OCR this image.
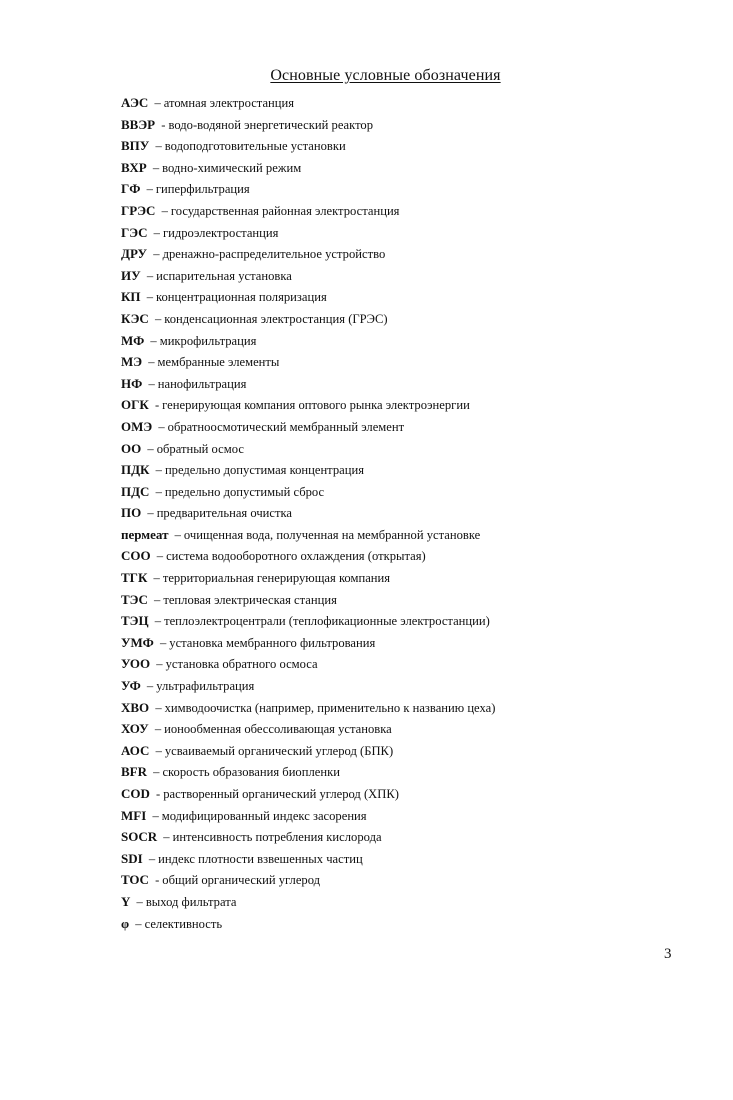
Основные условные обозначения
АЭС – атомная электростанция
ВВЭР - водо-водяной энергетический реактор
ВПУ – водоподготовительные установки
ВХР – водно-химический режим
ГФ – гиперфильтрация
ГРЭС – государственная районная электростанция
ГЭС – гидроэлектростанция
ДРУ – дренажно-распределительное устройство
ИУ – испарительная установка
КП – концентрационная поляризация
КЭС – конденсационная электростанция (ГРЭС)
МФ – микрофильтрация
МЭ – мембранные элементы
НФ – нанофильтрация
ОГК - генерирующая компания оптового рынка электроэнергии
ОМЭ – обратноосмотический мембранный элемент
ОО – обратный осмос
ПДК – предельно допустимая концентрация
ПДС – предельно допустимый сброс
ПО – предварительная очистка
пермеат – очищенная вода, полученная на мембранной установке
СОО – система водооборотного охлаждения (открытая)
ТГК – территориальная генерирующая компания
ТЭС – тепловая электрическая станция
ТЭЦ – теплоэлектроцентрали (теплофикационные электростанции)
УМФ – установка мембранного фильтрования
УОО – установка обратного осмоса
УФ – ультрафильтрация
ХВО – химводоочистка (например, применительно к названию цеха)
ХОУ – ионообменная обессоливающая установка
АОС – усваиваемый органический углерод (БПК)
BFR – скорость образования биопленки
COD - растворенный органический углерод (ХПК)
MFI – модифицированный индекс засорения
SOCR – интенсивность потребления кислорода
SDI – индекс плотности взвешенных частиц
TOC - общий органический углерод
Y – выход фильтрата
φ – селективность
3
